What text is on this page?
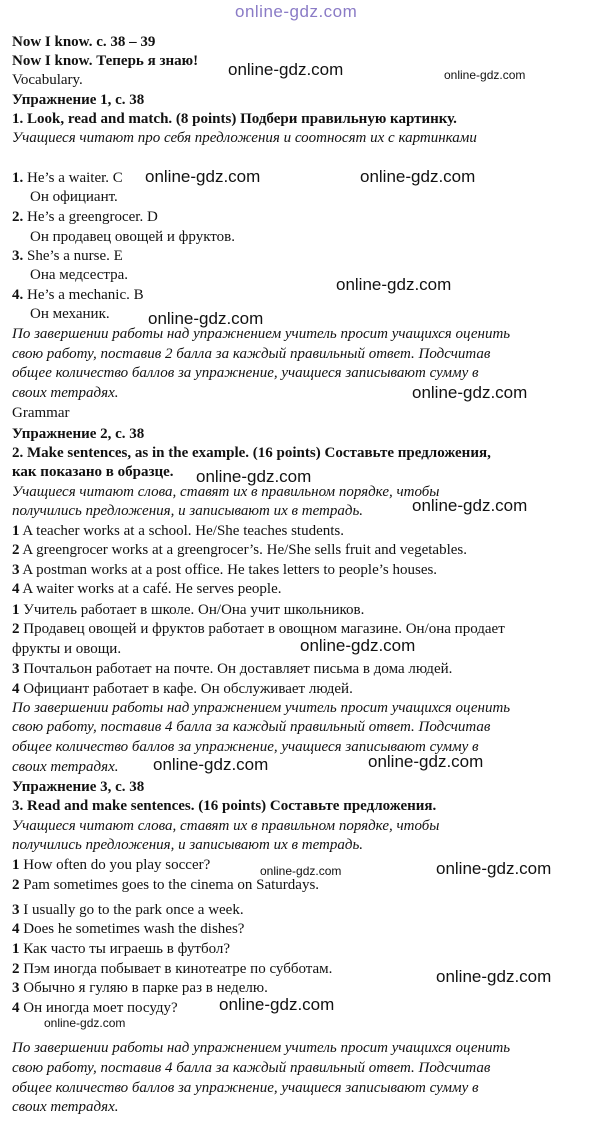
Now I know. с. 38 – 39
Now I know. Теперь я знаю!
Vocabulary.
Упражнение 1, с. 38
1. Look, read and match. (8 points) Подбери правильную картинку.
Учащиеся читают про себя предложения и соотносят их с картинками
1. He’s a waiter. C
Он официант.
2. He’s a greengrocer. D
Он продавец овощей и фруктов.
3. She’s a nurse. E
Она медсестра.
4. He’s a mechanic. B
Он механик.
По завершении работы над упражнением учитель просит учащихся оценить
свою работу, поставив 2 балла за каждый правильный ответ. Подсчитав
общее количество баллов за упражнение, учащиеся записывают сумму в
своих тетрадях.
Grammar
Упражнение 2, с. 38
2. Make sentences, as in the example. (16 points) Составьте предложения,
как показано в образце.
Учащиеся читают слова, ставят их в правильном порядке, чтобы
получились предложения, и записывают их в тетрадь.
1 A teacher works at a school. He/She teaches students.
2 A greengrocer works at a greengrocer’s. He/She sells fruit and vegetables.
3 A postman works at a post office. He takes letters to people’s houses.
4 A waiter works at a café. He serves people.
1 Учитель работает в школе. Он/Она учит школьников.
2 Продавец овощей и фруктов работает в овощном магазине. Он/она продает
фрукты и овощи.
3 Почтальон работает на почте. Он доставляет письма в дома людей.
4 Официант работает в кафе. Он обслуживает людей.
По завершении работы над упражнением учитель просит учащихся оценить
свою работу, поставив 4 балла за каждый правильный ответ. Подсчитав
общее количество баллов за упражнение, учащиеся записывают сумму в
своих тетрадях.
Упражнение 3, с. 38
3. Read and make sentences. (16 points) Составьте предложения.
Учащиеся читают слова, ставят их в правильном порядке, чтобы
получились предложения, и записывают их в тетрадь.
1 How often do you play soccer?
2 Pam sometimes goes to the cinema on Saturdays.
3 I usually go to the park once a week.
4 Does he sometimes wash the dishes?
1 Как часто ты играешь в футбол?
2 Пэм иногда побывает в кинотеатре по субботам.
3 Обычно я гуляю в парке раз в неделю.
4 Он иногда моет посуду?
По завершении работы над упражнением учитель просит учащихся оценить
свою работу, поставив 4 балла за каждый правильный ответ. Подсчитав
общее количество баллов за упражнение, учащиеся записывают сумму в
своих тетрадях.
online-gdz.com
online-gdz.com	online-gdz.com
online-gdz.com	online-gdz.com
online-gdz.com
online-gdz.com
online-gdz.com
online-gdz.com
online-gdz.com
online-gdz.com
online-gdz.com	online-gdz.com
online-gdz.com	online-gdz.com
online-gdz.com
online-gdz.com
online-gdz.com
